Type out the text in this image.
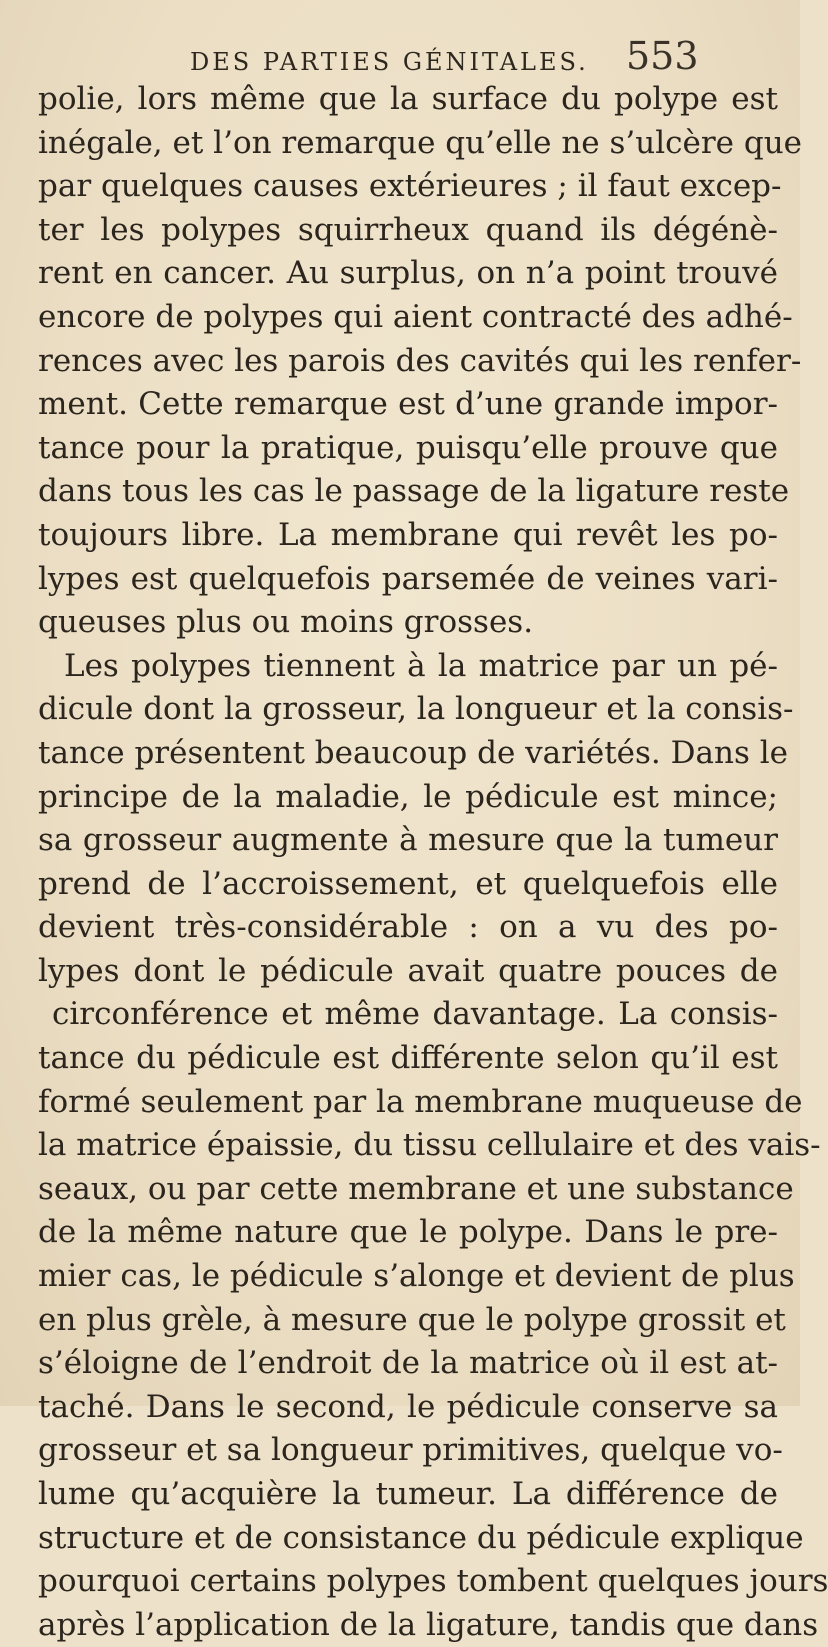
DES PARTIES GÉNITALES. 553
polie, lors même que la surface du polype est
inégale, et l’on remarque qu’elle ne s’ulcère que
par quelques causes extérieures ; il faut excep-
ter les polypes squirrheux quand ils dégénè-
rent en cancer. Au surplus, on n’a point trouvé
encore de polypes qui aient contracté des adhé-
rences avec les parois des cavités qui les renfer-
ment. Cette remarque est d’une grande impor-
tance pour la pratique, puisqu’elle prouve que
dans tous les cas le passage de la ligature reste
toujours libre. La membrane qui revêt les po-
lypes est quelquefois parsemée de veines vari-
queuses plus ou moins grosses.
Les polypes tiennent à la matrice par un pé-
dicule dont la grosseur, la longueur et la consis-
tance présentent beaucoup de variétés. Dans le
principe de la maladie, le pédicule est mince;
sa grosseur augmente à mesure que la tumeur
prend de l’accroissement, et quelquefois elle
devient très-considérable : on a vu des po-
lypes dont le pédicule avait quatre pouces de
circonférence et même davantage. La consis-
tance du pédicule est différente selon qu’il est
formé seulement par la membrane muqueuse de
la matrice épaissie, du tissu cellulaire et des vais-
seaux, ou par cette membrane et une substance
de la même nature que le polype. Dans le pre-
mier cas, le pédicule s’alonge et devient de plus
en plus grèle, à mesure que le polype grossit et
s’éloigne de l’endroit de la matrice où il est at-
taché. Dans le second, le pédicule conserve sa
grosseur et sa longueur primitives, quelque vo-
lume qu’acquière la tumeur. La différence de
structure et de consistance du pédicule explique
pourquoi certains polypes tombent quelques jours
après l’application de la ligature, tandis que dans
